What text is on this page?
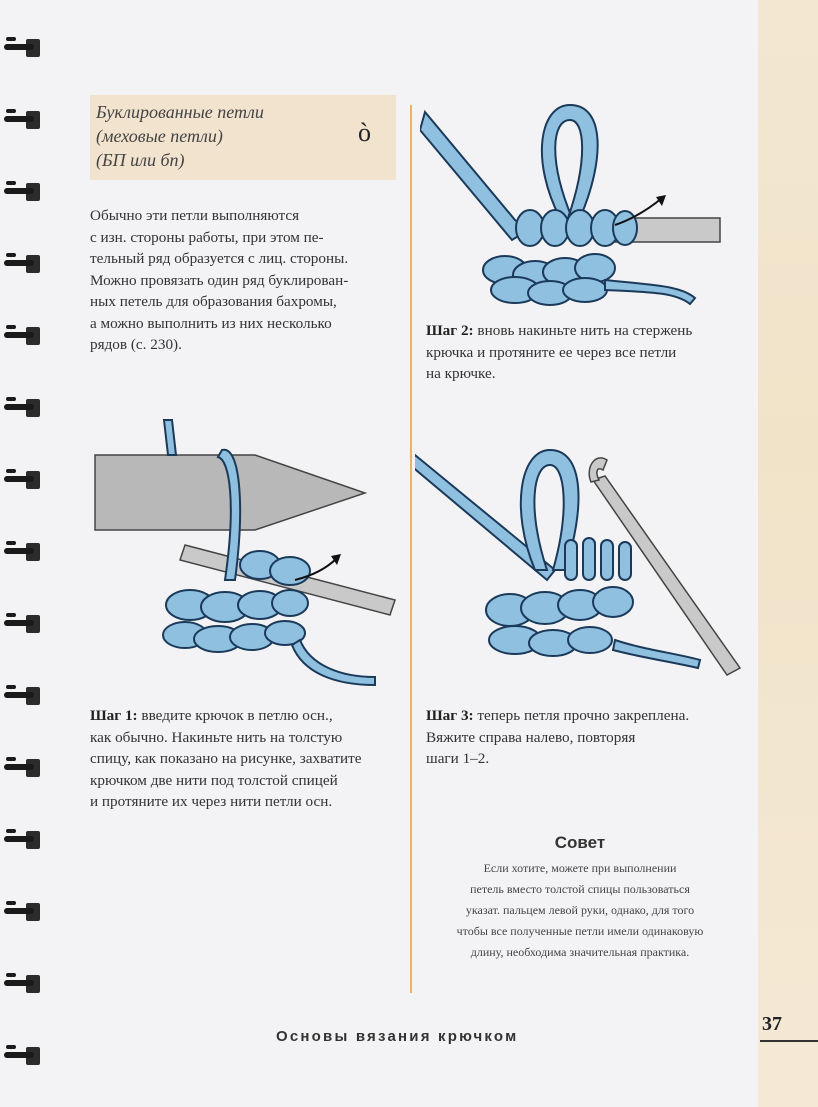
Буклированные петли
(меховые петли)
(БП или бп)
ò
Обычно эти петли выполняются
с изн. стороны работы, при этом пе-
тельный ряд образуется с лиц. стороны.
Можно провязать один ряд буклирован-
ных петель для образования бахромы,
а можно выполнить из них несколько
рядов (с. 230).
Шаг 2: вновь накиньте нить на стержень
крючка и протяните ее через все петли
на крючке.
Шаг 1: введите крючок в петлю осн.,
как обычно. Накиньте нить на толстую
спицу, как показано на рисунке, захватите
крючком две нити под толстой спицей
и протяните их через нити петли осн.
Шаг 3: теперь петля прочно закреплена.
Вяжите справа налево, повторяя
шаги 1–2.
Совет
Если хотите, можете при выполнении
петель вместо толстой спицы пользоваться
указат. пальцем левой руки, однако, для того
чтобы все полученные петли имели одинаковую
длину, необходима значительная практика.
Основы вязания крючком
37
